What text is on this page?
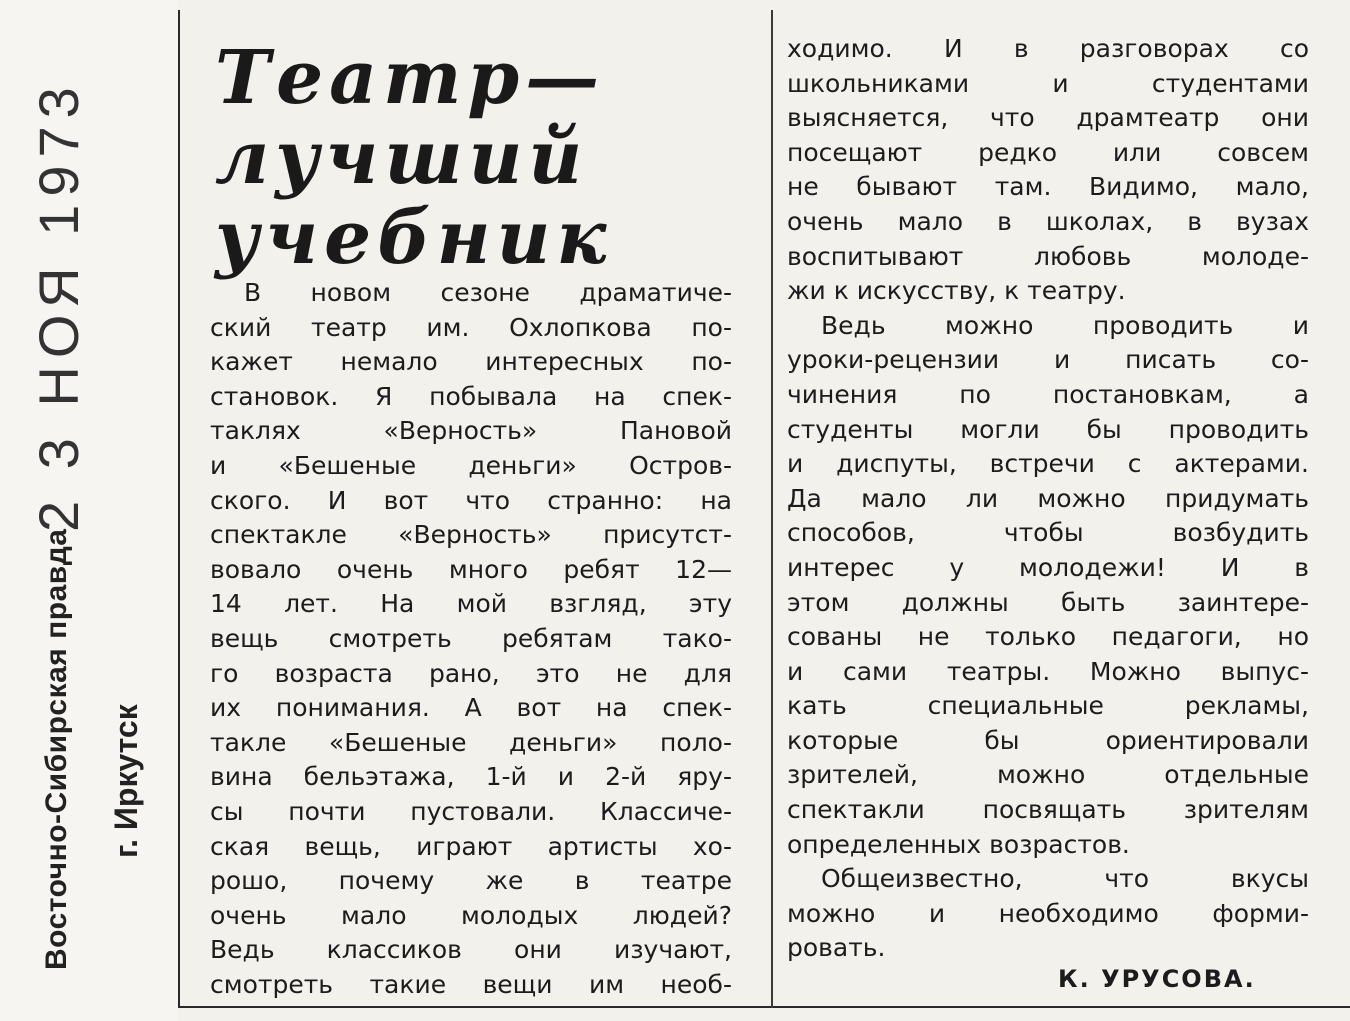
Восточно-Сибирская правда
2 3 НОЯ 1973
г. Иркутск
Театр—
лучший
учебник
В новом сезоне драматиче-
ский театр им. Охлопкова по-
кажет немало интересных по-
становок. Я побывала на спек-
таклях «Верность» Пановой
и «Бешеные деньги» Остров-
ского. И вот что странно: на
спектакле «Верность» присутст-
вовало очень много ребят 12—
14 лет. На мой взгляд, эту
вещь смотреть ребятам тако-
го возраста рано, это не для
их понимания. А вот на спек-
такле «Бешеные деньги» поло-
вина бельэтажа, 1-й и 2-й яру-
сы почти пустовали. Классиче-
ская вещь, играют артисты хо-
рошо, почему же в театре
очень мало молодых людей?
Ведь классиков они изучают,
смотреть такие вещи им необ-
ходимо. И в разговорах со
школьниками и студентами
выясняется, что драмтеатр они
посещают редко или совсем
не бывают там. Видимо, мало,
очень мало в школах, в вузах
воспитывают любовь молоде-
жи к искусству, к театру.
Ведь можно проводить и
уроки-рецензии и писать со-
чинения по постановкам, а
студенты могли бы проводить
и диспуты, встречи с актерами.
Да мало ли можно придумать
способов, чтобы возбудить
интерес у молодежи! И в
этом должны быть заинтере-
сованы не только педагоги, но
и сами театры. Можно выпус-
кать специальные рекламы,
которые бы ориентировали
зрителей, можно отдельные
спектакли посвящать зрителям
определенных возрастов.
Общеизвестно, что вкусы
можно и необходимо форми-
ровать.
К. УРУСОВА.
